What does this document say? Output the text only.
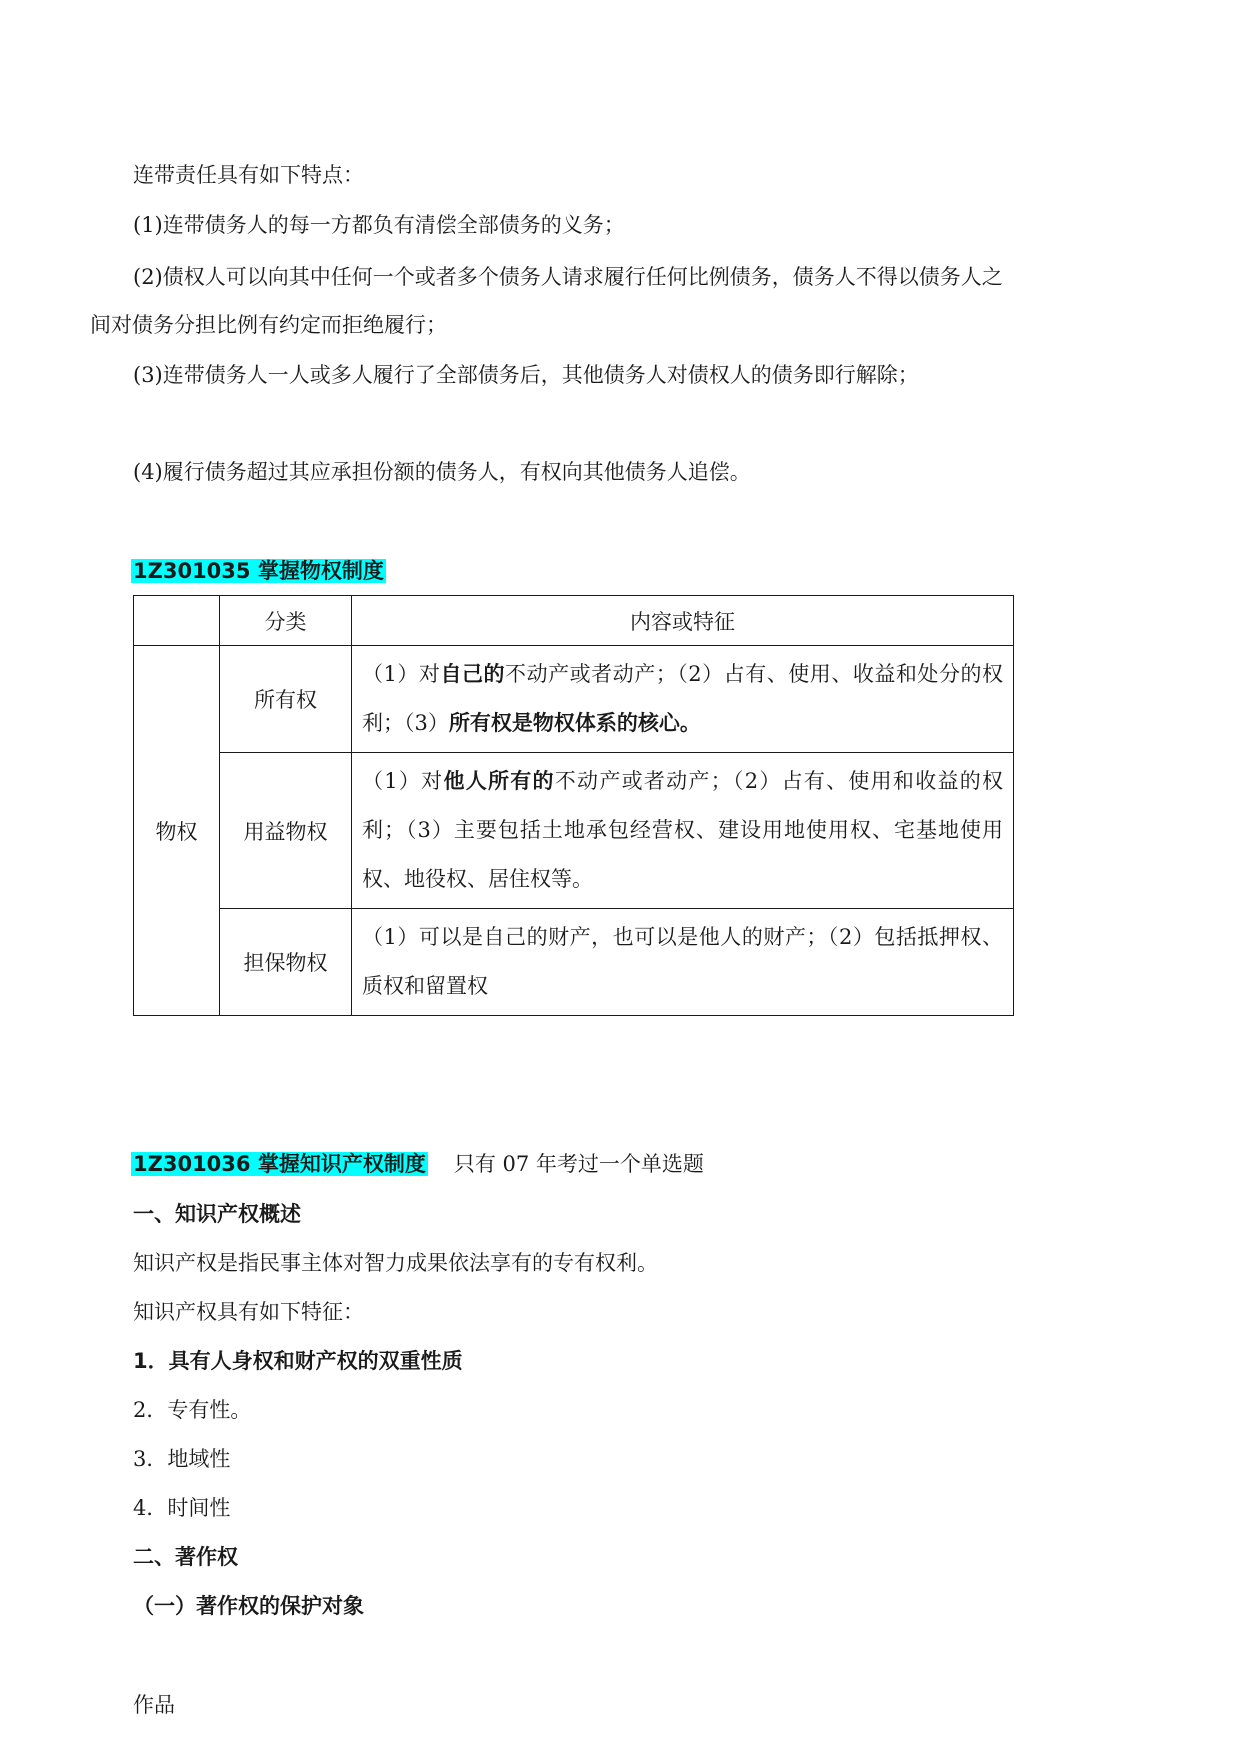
连带责任具有如下特点：
(1)连带债务人的每一方都负有清偿全部债务的义务；
(2)债权人可以向其中任何一个或者多个债务人请求履行任何比例债务，债务人不得以债务人之
间对债务分担比例有约定而拒绝履行；
(3)连带债务人一人或多人履行了全部债务后，其他债务人对债权人的债务即行解除；
(4)履行债务超过其应承担份额的债务人，有权向其他债务人追偿。
1Z301035 掌握物权制度
	分类	内容或特征
物权	所有权	（1）对自己的不动产或者动产；（2）占有、使用、收益和处分的权利；（3）所有权是物权体系的核心。
	用益物权	（1）对他人所有的不动产或者动产；（2）占有、使用和收益的权利；（3）主要包括土地承包经营权、建设用地使用权、宅基地使用权、地役权、居住权等。
	担保物权	（1）可以是自己的财产，也可以是他人的财产；（2）包括抵押权、质权和留置权
1Z301036 掌握知识产权制度 只有 07 年考过一个单选题
一、知识产权概述
知识产权是指民事主体对智力成果依法享有的专有权利。
知识产权具有如下特征：
1．具有人身权和财产权的双重性质
2．专有性。
3．地域性
4．时间性
二、著作权
（一）著作权的保护对象
作品
